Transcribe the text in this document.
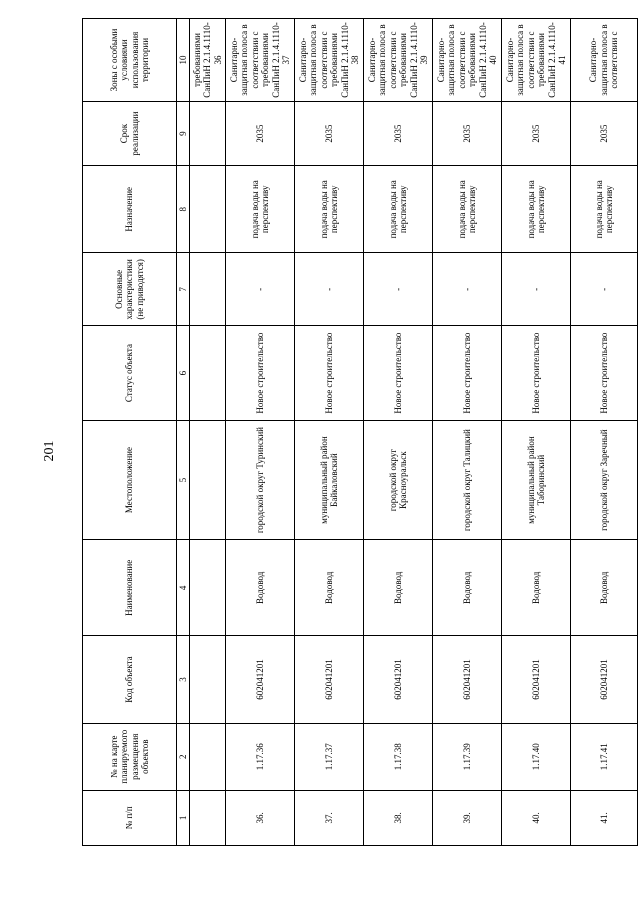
201
№ п/п	№ на карте планируемого размещения объектов	Код объекта	Наименование	Местоположение	Статус объекта	Основные характеристики (не приводятся)	Назначение	Срок реализации	Зоны с особыми условиями использования территории
1	2	3	4	5	6	7	8	9	10
									требованиями СанПиН 2.1.4.1110-36
36.	1.17.36	602041201	Водовод	городской округ Туринский	Новое строительство	-	подача воды на перспективу	2035	Санитарно-защитная полоса в соответствии с требованиями СанПиН 2.1.4.1110-37
37.	1.17.37	602041201	Водовод	муниципальный район Байкаловский	Новое строительство	-	подача воды на перспективу	2035	Санитарно-защитная полоса в соответствии с требованиями СанПиН 2.1.4.1110-38
38.	1.17.38	602041201	Водовод	городской округ Красноуральск	Новое строительство	-	подача воды на перспективу	2035	Санитарно-защитная полоса в соответствии с требованиями СанПиН 2.1.4.1110-39
39.	1.17.39	602041201	Водовод	городской округ Талицкий	Новое строительство	-	подача воды на перспективу	2035	Санитарно-защитная полоса в соответствии с требованиями СанПиН 2.1.4.1110-40
40.	1.17.40	602041201	Водовод	муниципальный район Таборинский	Новое строительство	-	подача воды на перспективу	2035	Санитарно-защитная полоса в соответствии с требованиями СанПиН 2.1.4.1110-41
41.	1.17.41	602041201	Водовод	городской округ Заречный	Новое строительство	-	подача воды на перспективу	2035	Санитарно-защитная полоса в соответствии с
